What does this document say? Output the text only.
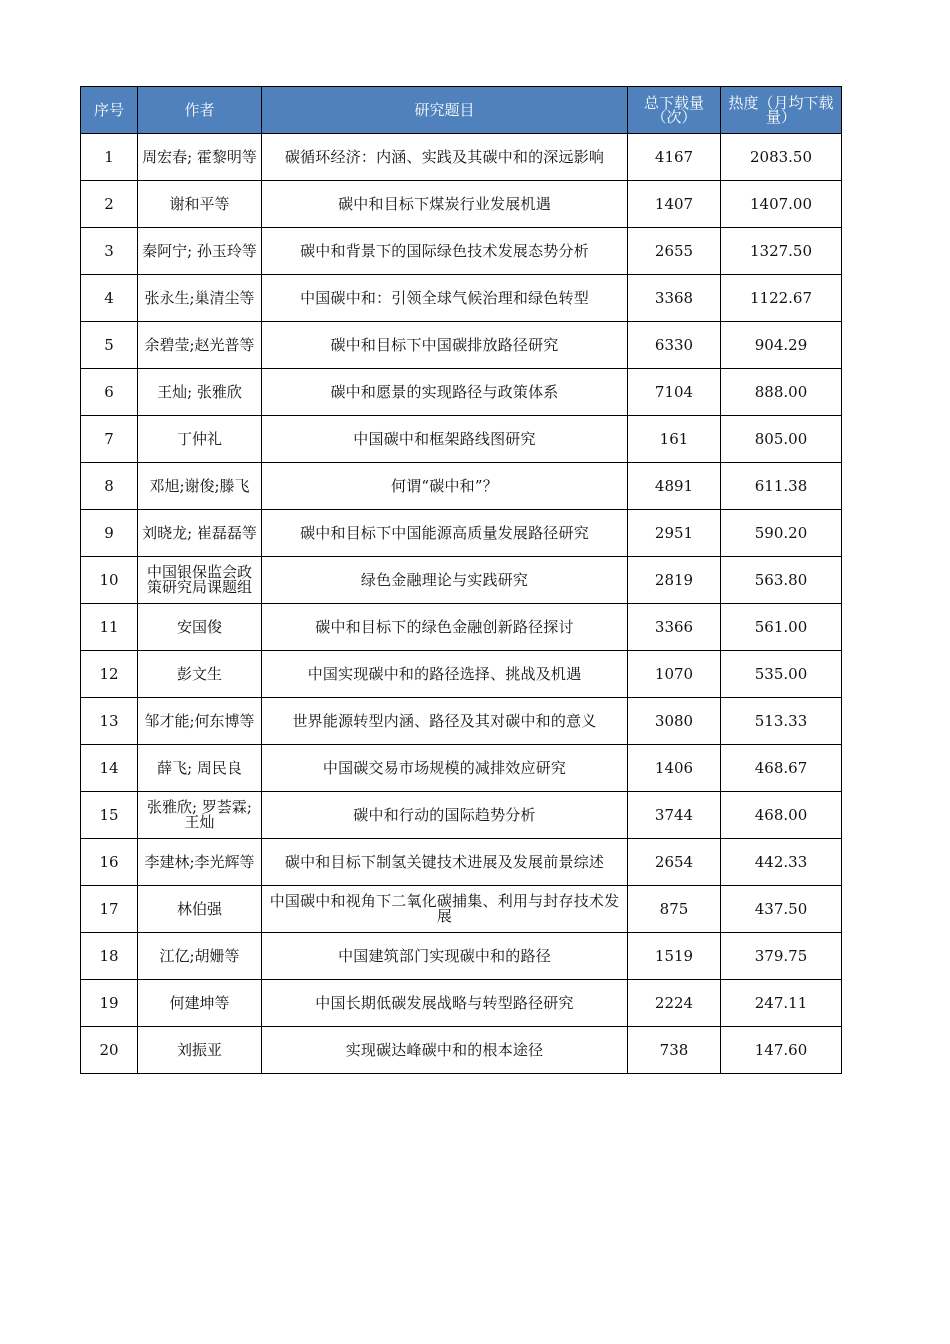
序号	作者	研究题目	总下载量（次）	热度（月均下载量）

1	周宏春; 霍黎明等	碳循环经济：内涵、实践及其碳中和的深远影响	4167	2083.50
2	谢和平等	碳中和目标下煤炭行业发展机遇	1407	1407.00
3	秦阿宁; 孙玉玲等	碳中和背景下的国际绿色技术发展态势分析	2655	1327.50
4	张永生;巢清尘等	中国碳中和：引领全球气候治理和绿色转型	3368	1122.67
5	余碧莹;赵光普等	碳中和目标下中国碳排放路径研究	6330	904.29
6	王灿; 张雅欣	碳中和愿景的实现路径与政策体系	7104	888.00
7	丁仲礼	中国碳中和框架路线图研究	161	805.00
8	邓旭;谢俊;滕飞	何谓“碳中和”？	4891	611.38
9	刘晓龙; 崔磊磊等	碳中和目标下中国能源高质量发展路径研究	2951	590.20
10	中国银保监会政策研究局课题组	绿色金融理论与实践研究	2819	563.80
11	安国俊	碳中和目标下的绿色金融创新路径探讨	3366	561.00
12	彭文生	中国实现碳中和的路径选择、挑战及机遇	1070	535.00
13	邹才能;何东博等	世界能源转型内涵、路径及其对碳中和的意义	3080	513.33
14	薛飞; 周民良	中国碳交易市场规模的减排效应研究	1406	468.67
15	张雅欣; 罗荟霖; 王灿	碳中和行动的国际趋势分析	3744	468.00
16	李建林;李光辉等	碳中和目标下制氢关键技术进展及发展前景综述	2654	442.33
17	林伯强	中国碳中和视角下二氧化碳捕集、利用与封存技术发展	875	437.50
18	江亿;胡姗等	中国建筑部门实现碳中和的路径	1519	379.75
19	何建坤等	中国长期低碳发展战略与转型路径研究	2224	247.11
20	刘振亚	实现碳达峰碳中和的根本途径	738	147.60
